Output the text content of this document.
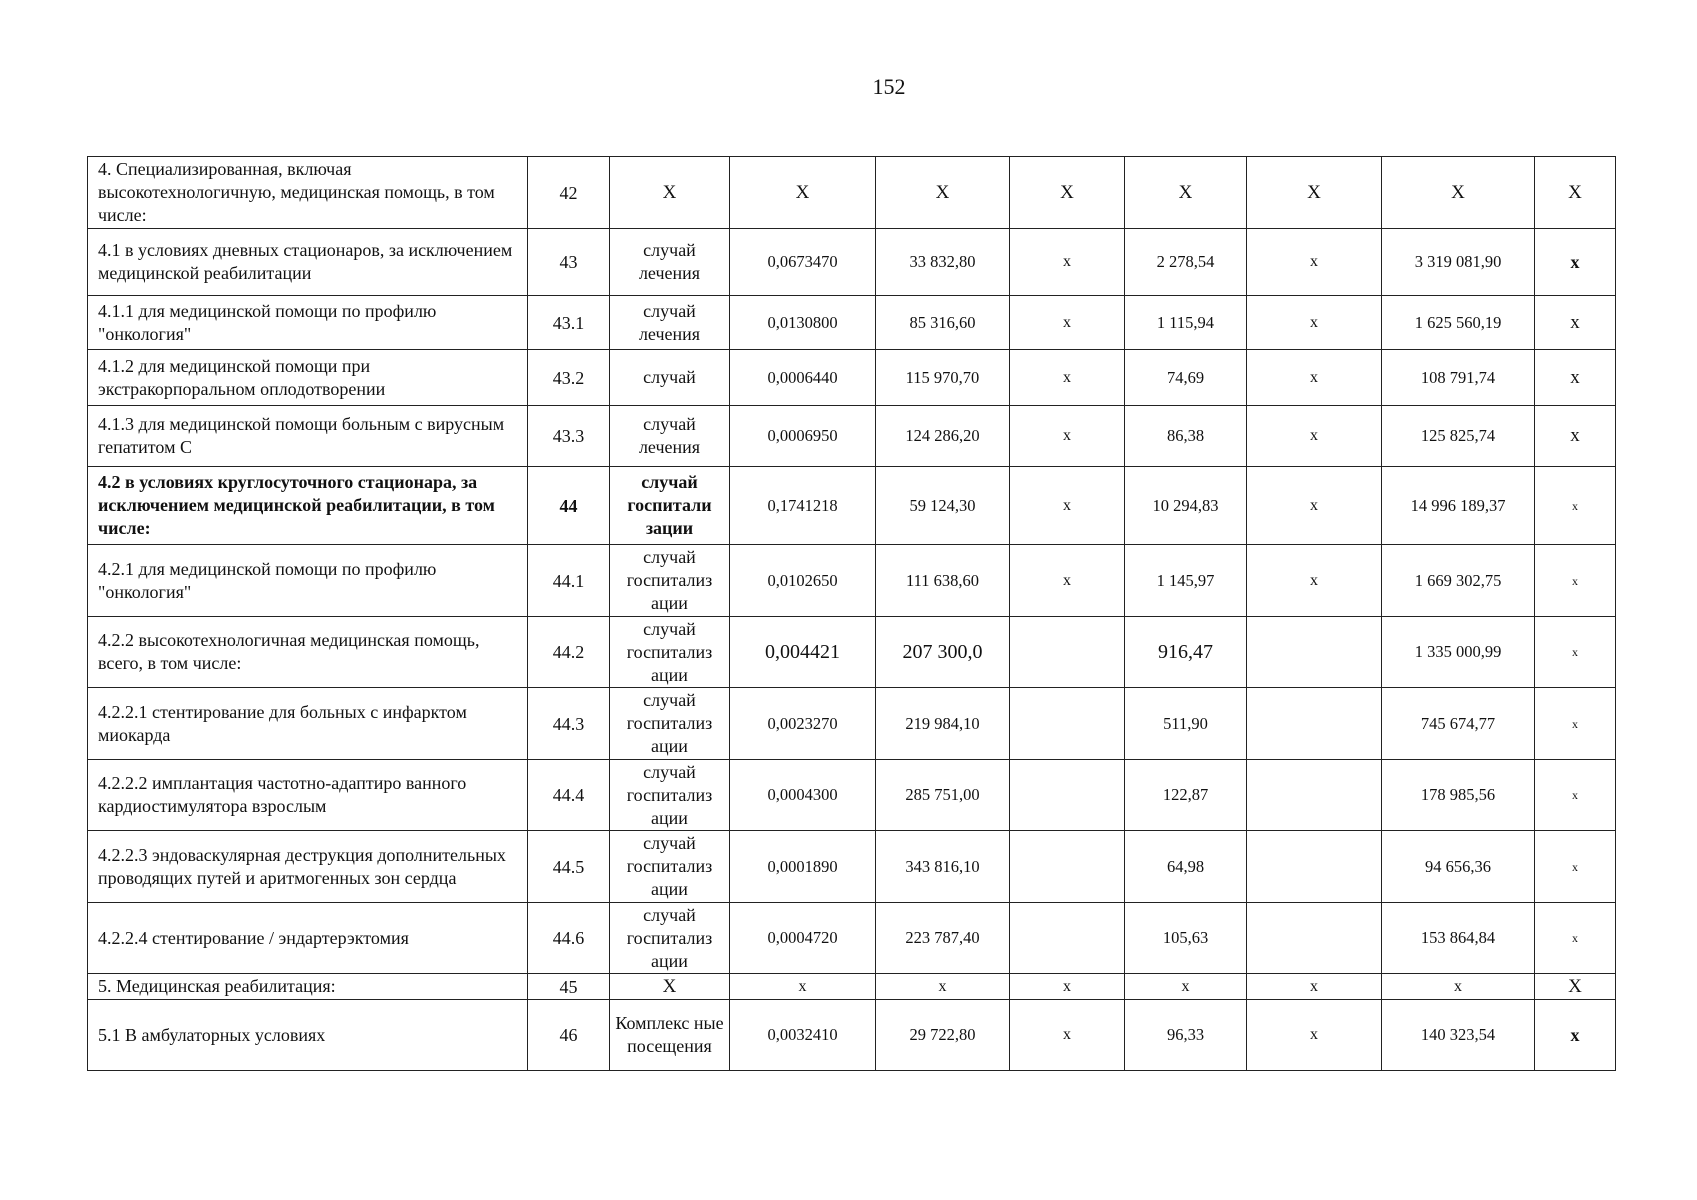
152
4. Специализированная, включая высокотехнологичную, медицинская помощь, в том числе:	42	Х	Х	Х	Х	Х	Х	Х	Х
4.1 в условиях дневных стационаров, за исключением медицинской реабилитации	43	случай лечения	0,0673470	33 832,80	х	2 278,54	х	3 319 081,90	х
4.1.1 для медицинской помощи по профилю "онкология"	43.1	случай лечения	0,0130800	85 316,60	х	1 115,94	х	1 625 560,19	х
4.1.2 для медицинской помощи при экстракорпоральном оплодотворении	43.2	случай	0,0006440	115 970,70	х	74,69	х	108 791,74	х
4.1.3 для медицинской помощи больным с вирусным гепатитом С	43.3	случай лечения	0,0006950	124 286,20	х	86,38	х	125 825,74	х
4.2 в условиях круглосуточного стационара, за исключением медицинской реабилитации, в том числе:	44	случай госпитали зации	0,1741218	59 124,30	х	10 294,83	х	14 996 189,37	х
4.2.1 для медицинской помощи по профилю "онкология"	44.1	случай госпитализ ации	0,0102650	111 638,60	х	1 145,97	х	1 669 302,75	х
4.2.2 высокотехнологичная медицинская помощь, всего, в том числе:	44.2	случай госпитализ ации	0,004421	207 300,0		916,47		1 335 000,99	х
4.2.2.1 стентирование для больных с инфарктом миокарда	44.3	случай госпитализ ации	0,0023270	219 984,10		511,90		745 674,77	х
4.2.2.2 имплантация частотно-адаптиро ванного кардиостимулятора взрослым	44.4	случай госпитализ ации	0,0004300	285 751,00		122,87		178 985,56	х
4.2.2.3 эндоваскулярная деструкция дополнительных проводящих путей и аритмогенных зон сердца	44.5	случай госпитализ ации	0,0001890	343 816,10		64,98		94 656,36	х
4.2.2.4 стентирование / эндартерэктомия	44.6	случай госпитализ ации	0,0004720	223 787,40		105,63		153 864,84	х
5. Медицинская реабилитация:	45	Х	х	х	х	х	х	х	Х
5.1 В амбулаторных условиях	46	Комплекс ные посещения	0,0032410	29 722,80	х	96,33	х	140 323,54	х
